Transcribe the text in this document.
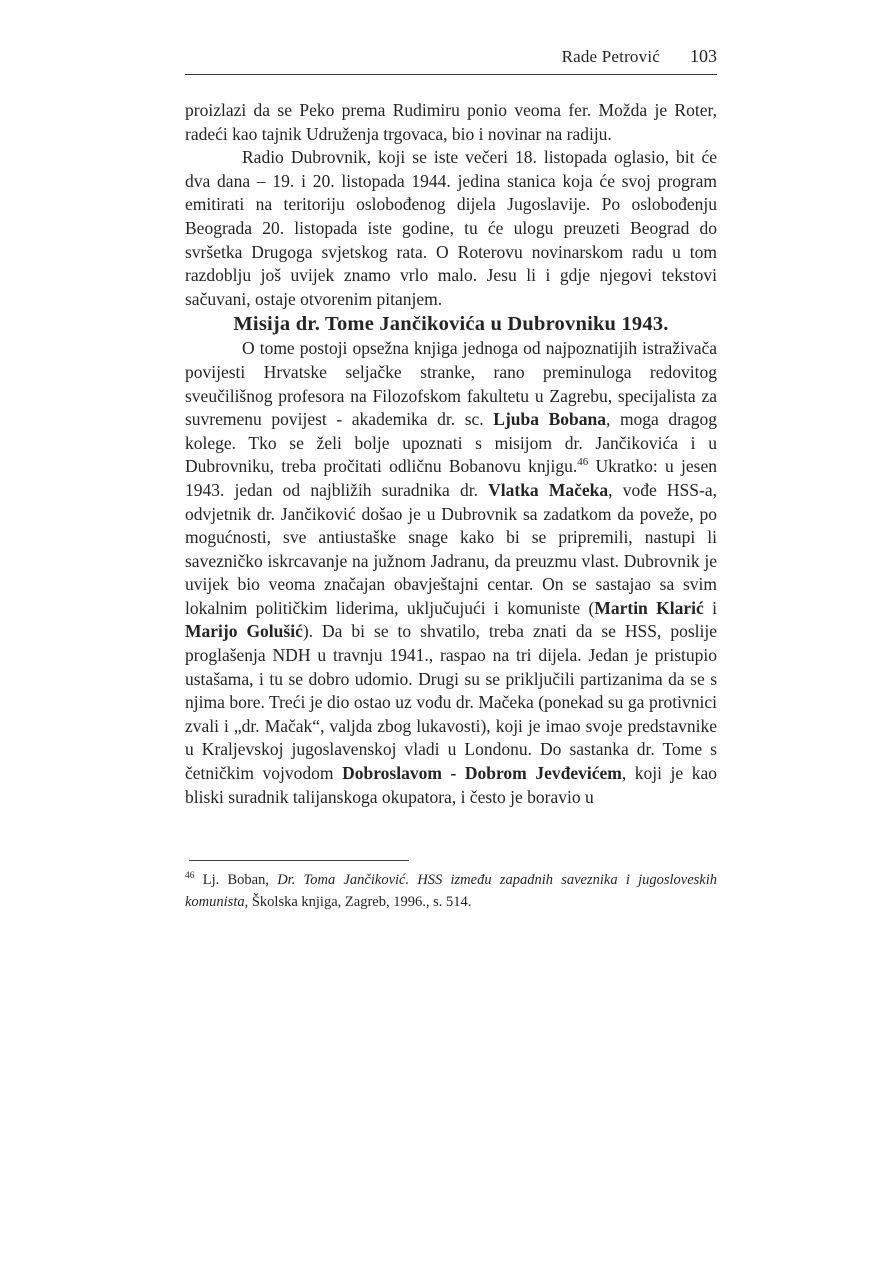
Rade Petrović 103

proizlazi da se Peko prema Rudimiru ponio veoma fer. Možda je Roter, radeći kao tajnik Udruženja trgovaca, bio i novinar na radiju.

Radio Dubrovnik, koji se iste večeri 18. listopada oglasio, bit će dva dana – 19. i 20. listopada 1944. jedina stanica koja će svoj program emitirati na teritoriju oslobođenog dijela Jugoslavije. Po oslobođenju Beograda 20. listopada iste godine, tu će ulogu preuzeti Beograd do svršetka Drugoga svjetskog rata. O Roterovu novinarskom radu u tom razdoblju još uvijek znamo vrlo malo. Jesu li i gdje njegovi tekstovi sačuvani, ostaje otvorenim pitanjem.

Misija dr. Tome Jančikovića u Dubrovniku 1943.

O tome postoji opsežna knjiga jednoga od najpoznatijih istraživača povijesti Hrvatske seljačke stranke, rano preminuloga redovitog sveučilišnog profesora na Filozofskom fakultetu u Zagrebu, specijalista za suvremenu povijest - akademika dr. sc. Ljuba Bobana, moga dragog kolege. Tko se želi bolje upoznati s misijom dr. Jančikovića i u Dubrovniku, treba pročitati odličnu Bobanovu knjigu.$^{46}$ Ukratko: u jesen 1943. jedan od najbližih suradnika dr. Vlatka Mačeka, vođe HSS-a, odvjetnik dr. Jančiković došao je u Dubrovnik sa zadatkom da poveže, po mogućnosti, sve antiustaške snage kako bi se pripremili, nastupi li savezničko iskrcavanje na južnom Jadranu, da preuzmu vlast. Dubrovnik je uvijek bio veoma značajan obavještajni centar. On se sastajao sa svim lokalnim političkim liderima, uključujući i komuniste (Martin Klarić i Marijo Golušić). Da bi se to shvatilo, treba znati da se HSS, poslije proglašenja NDH u travnju 1941., raspao na tri dijela. Jedan je pristupio ustašama, i tu se dobro udomio. Drugi su se priključili partizanima da se s njima bore. Treći je dio ostao uz vođu dr. Mačeka (ponekad su ga protivnici zvali i „dr. Mačak“, valjda zbog lukavosti), koji je imao svoje predstavnike u Kraljevskoj jugoslavenskoj vladi u Londonu. Do sastanka dr. Tome s četničkim vojvodom Dobroslavom - Dobrom Jevđevićem, koji je kao bliski suradnik talijanskoga okupatora, i često je boravio u

$^{46}$ Lj. Boban, Dr. Toma Jančiković. HSS između zapadnih saveznika i jugosloveskih komunista, Školska knjiga, Zagreb, 1996., s. 514.
